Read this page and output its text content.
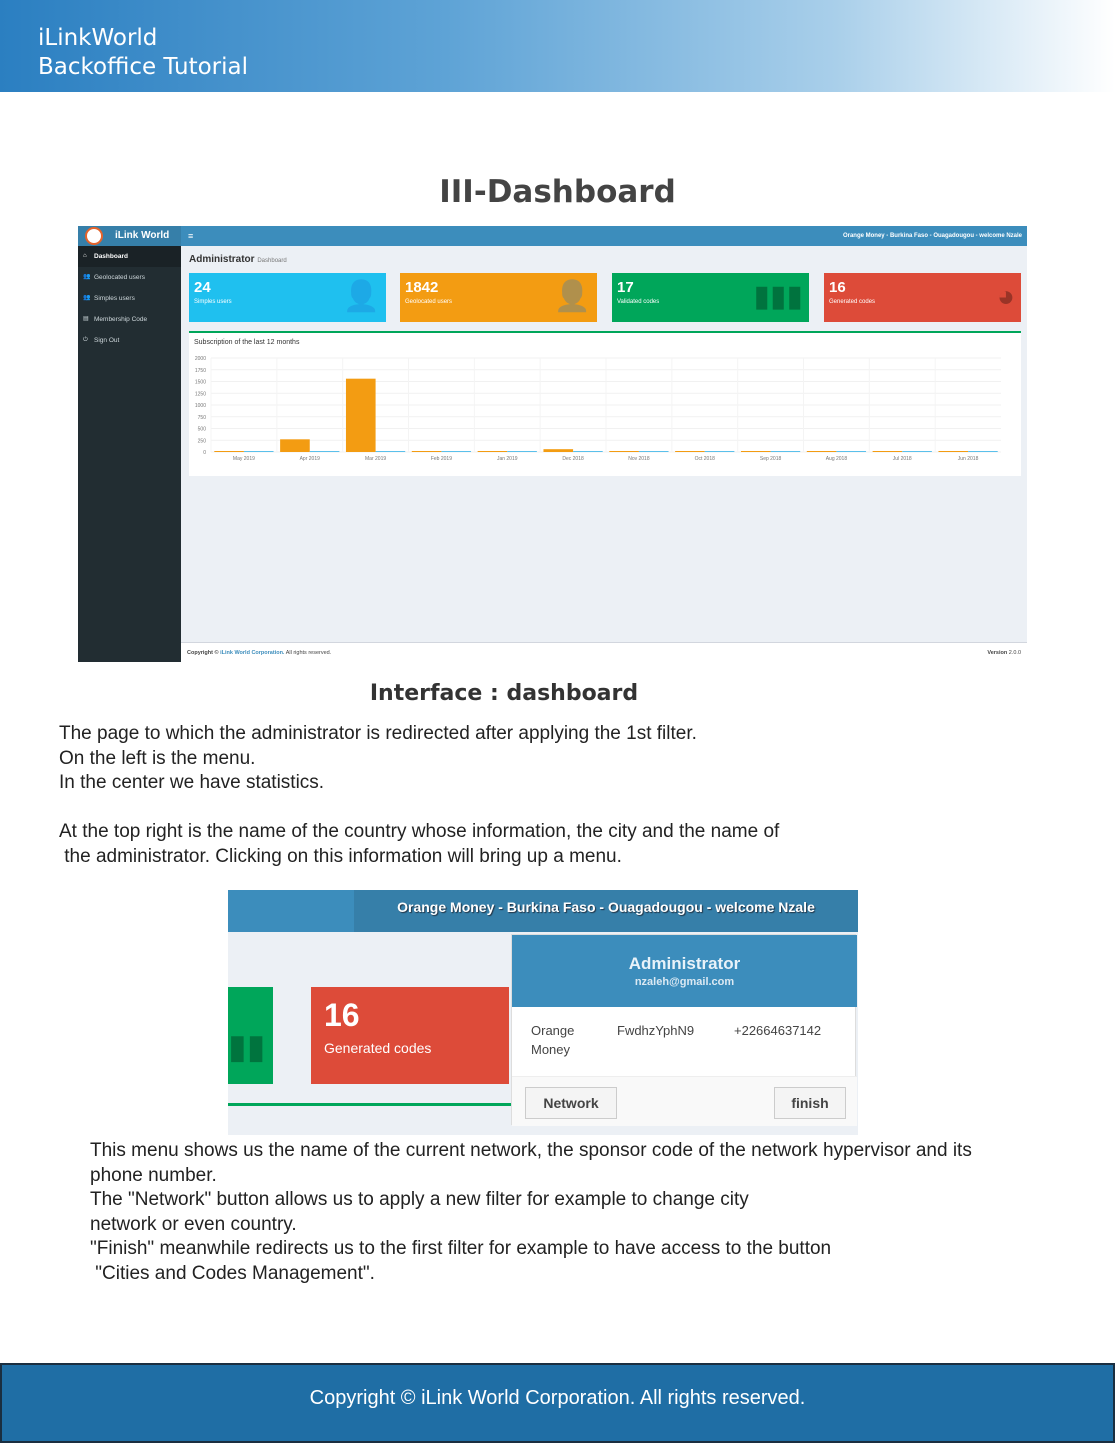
iLinkWorld
Backoffice Tutorial
III-Dashboard
iLink World	≡	Orange Money - Burkina Faso - Ouagadougou - welcome Nzale
⌂ Dashboard
👥 Geolocated users
👥 Simples users
▤ Membership Code
⏻ Sign Out
Administrator Dashboard
24
Simples users	👤	1842
Geolocated users	👤	17
Validated codes	▮▮▮	16
Generated codes	◕
Subscription of the last 12 months
0
250
500
750
1000
1250
1500
1750
2000
May 2019	Apr 2019	Mar 2019	Feb 2019	Jan 2019	Dec 2018	Nov 2018	Oct 2018	Sep 2018	Aug 2018	Jul 2018	Jun 2018
Copyright © iLink World Corporation. All rights reserved.	Version 2.0.0
Interface : dashboard
The page to which the administrator is redirected after applying the 1st filter.
On the left is the menu.
In the center we have statistics.
At the top right is the name of the country whose information, the city and the name of
the administrator. Clicking on this information will bring up a menu.
Orange Money - Burkina Faso - Ouagadougou - welcome Nzale
▮▮
16
Generated codes
Administrator
nzaleh@gmail.com
Orange
Money
FwdhzYphN9	+22664637142
Network	finish
This menu shows us the name of the current network, the sponsor code of the network hypervisor and its
phone number.
The "Network" button allows us to apply a new filter for example to change city
network or even country.
"Finish" meanwhile redirects us to the first filter for example to have access to the button
"Cities and Codes Management".
Copyright © iLink World Corporation. All rights reserved.
